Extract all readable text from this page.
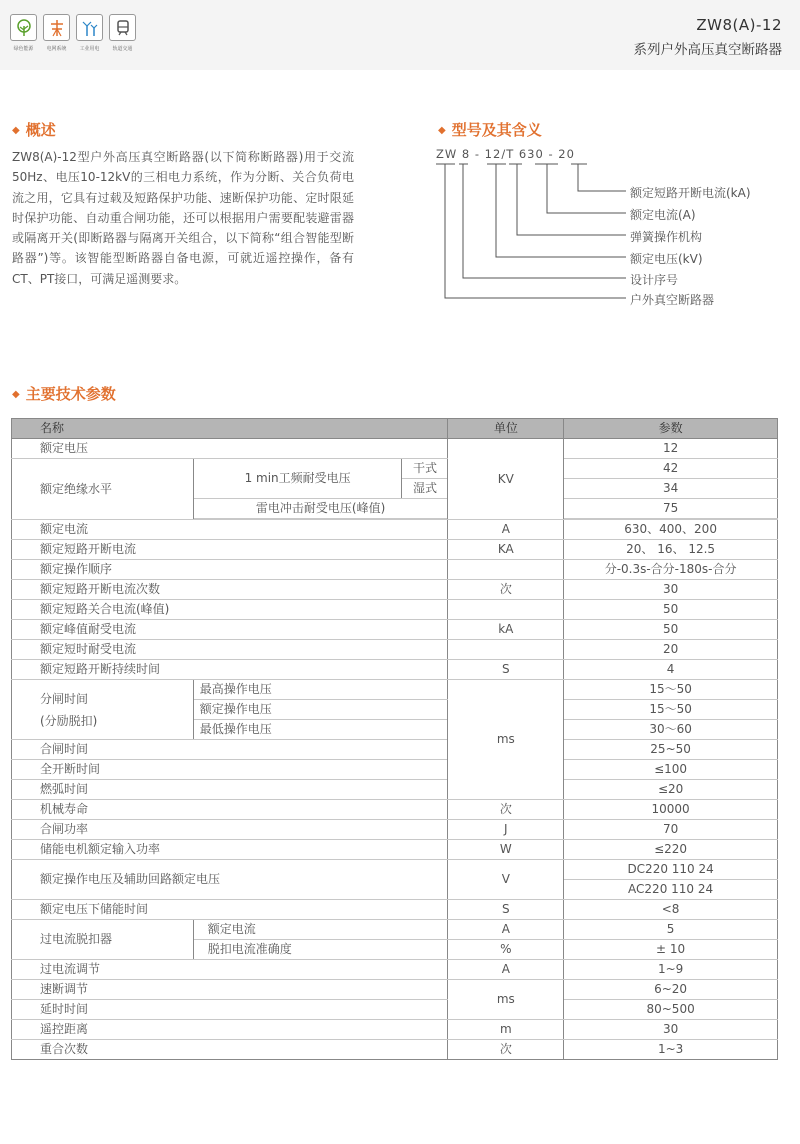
绿色能源	电网系统	工业用电	轨道交通
ZW8(A)-12
系列户外高压真空断路器
◆ 概述
ZW8(A)-12型户外高压真空断路器(以下简称断路器)用于交流50Hz、电压10-12kV的三相电力系统，作为分断、关合负荷电流之用，它具有过载及短路保护功能、速断保护功能、定时限延时保护功能、自动重合闸功能，还可以根据用户需要配装避雷器或隔离开关(即断路器与隔离开关组合，以下简称“组合智能型断路器”)等。该智能型断路器自备电源，可就近遥控操作，备有CT、PT接口，可满足遥测要求。
◆ 型号及其含义
ZW 8 - 12/T 630 - 20
额定短路开断电流(kA)
额定电流(A)
弹簧操作机构
额定电压(kV)
设计序号
户外真空断路器
◆ 主要技术参数
名称			单位	参数
额定电压			KV	12
额定绝缘水平	1 min工频耐受电压	干式		42
		湿式		34
	雷电冲击耐受电压(峰值)			75

额定电流			A	630、400、200
额定短路开断电流			KA	20、 16、 12.5
额定操作顺序				分-0.3s-合分-180s-合分
额定短路开断电流次数			次	30
额定短路关合电流(峰值)				50
额定峰值耐受电流			kA	50
额定短时耐受电流				20
额定短路开断持续时间			S	4
分闸时间
(分励脱扣)	最高操作电压		ms	15～50
	额定操作电压			15～50
	最低操作电压			30～60
合闸时间				25~50
全开断时间				≤100
燃弧时间				≤20
机械寿命			次	10000
合闸功率			J	70
储能电机额定输入功率			W	≤220
额定操作电压及辅助回路额定电压			V	DC220 110 24
				AC220 110 24
额定电压下储能时间			S	<8
过电流脱扣器	额定电流		A	5
	脱扣电流准确度		%	± 10
过电流调节			A	1~9
速断调节			ms	6~20
延时时间				80~500
遥控距离			m	30
重合次数			次	1~3
